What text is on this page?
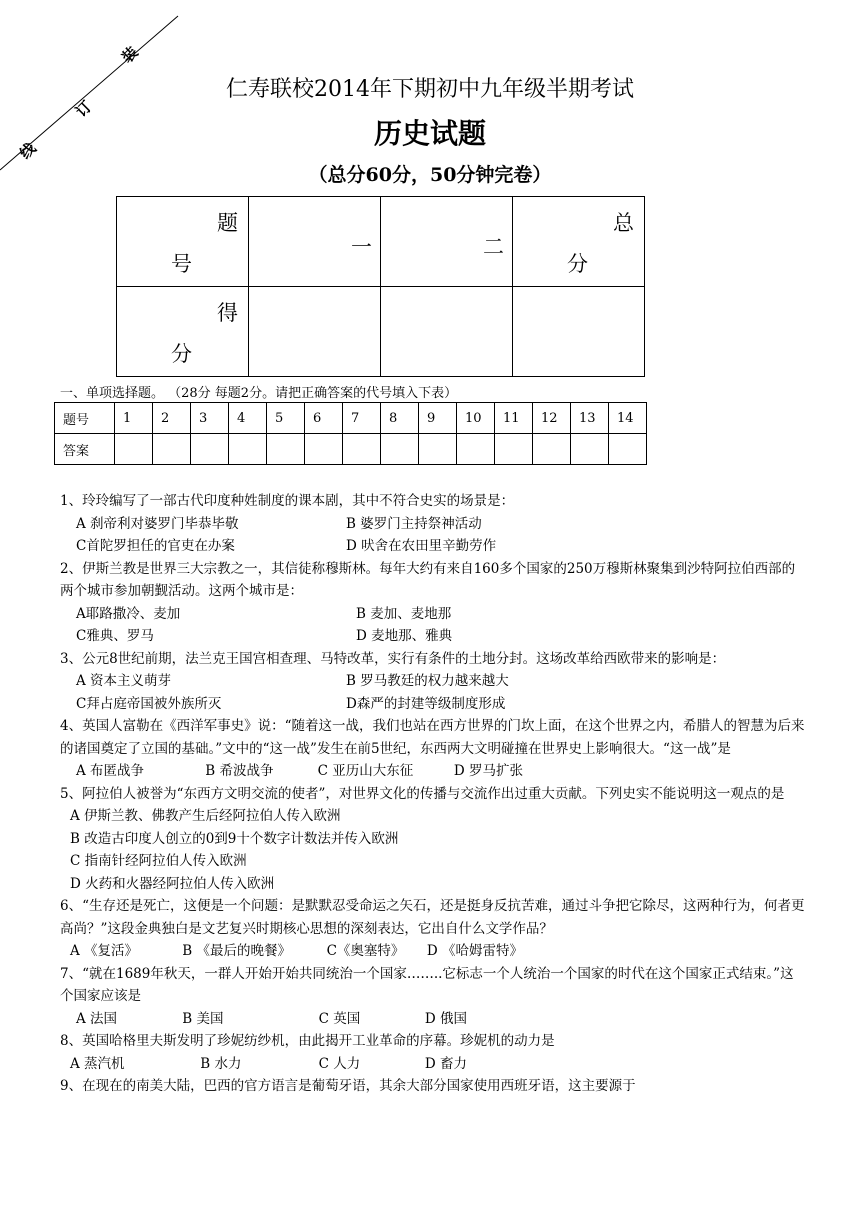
装
订
线
仁寿联校2014年下期初中九年级半期考试
历史试题
（总分60分，50分钟完卷）
题
号	一	二	总
分

得
分			

一、单项选择题。 （28分 每题2分。请把正确答案的代号填入下表）
题号	1	2	3	4	5	6	7	8	9	10	11	12	13	14
答案														

1、玲玲编写了一部古代印度种姓制度的课本剧，其中不符合史实的场景是：

A 刹帝利对婆罗门毕恭毕敬	B 婆罗门主持祭神活动
C首陀罗担任的官吏在办案	D 吠舍在农田里辛勤劳作

2、伊斯兰教是世界三大宗教之一，其信徒称穆斯林。每年大约有来自160多个国家的250万穆斯林聚集到沙特阿拉伯西部的两个城市参加朝觐活动。这两个城市是：

A耶路撒冷、麦加	B 麦加、麦地那
C雅典、罗马	D 麦地那、雅典

3、公元8世纪前期，法兰克王国宫相查理、马特改革，实行有条件的土地分封。这场改革给西欧带来的影响是：

A 资本主义萌芽	B 罗马教廷的权力越来越大
C拜占庭帝国被外族所灭	D森严的封建等级制度形成

4、英国人富勒在《西洋军事史》说：“随着这一战，我们也站在西方世界的门坎上面，在这个世界之内，希腊人的智慧为后来的诸国奠定了立国的基础。”文中的“这一战”发生在前5世纪，东西两大文明碰撞在世界史上影响很大。“这一战”是

A 布匿战争	B 希波战争	C 亚历山大东征	D 罗马扩张

5、阿拉伯人被誉为“东西方文明交流的使者”，对世界文化的传播与交流作出过重大贡献。下列史实不能说明这一观点的是

A 伊斯兰教、佛教产生后经阿拉伯人传入欧洲
B 改造古印度人创立的0到9十个数字计数法并传入欧洲
C 指南针经阿拉伯人传入欧洲
D 火药和火器经阿拉伯人传入欧洲

6、“生存还是死亡，这便是一个问题：是默默忍受命运之矢石，还是挺身反抗苦难，通过斗争把它除尽，这两种行为，何者更高尚？”这段金典独白是文艺复兴时期核心思想的深刻表达，它出自什么文学作品？

A 《复活》	B 《最后的晚餐》	C《奥塞特》 D 《哈姆雷特》

7、“就在1689年秋天，一群人开始开始共同统治一个国家……..它标志一个人统治一个国家的时代在这个国家正式结束。”这个国家应该是

A 法国	B 美国	C 英国	D 俄国

8、英国哈格里夫斯发明了珍妮纺纱机，由此揭开工业革命的序幕。珍妮机的动力是

A 蒸汽机	B 水力	C 人力	D 畜力

9、在现在的南美大陆，巴西的官方语言是葡萄牙语，其余大部分国家使用西班牙语，这主要源于
